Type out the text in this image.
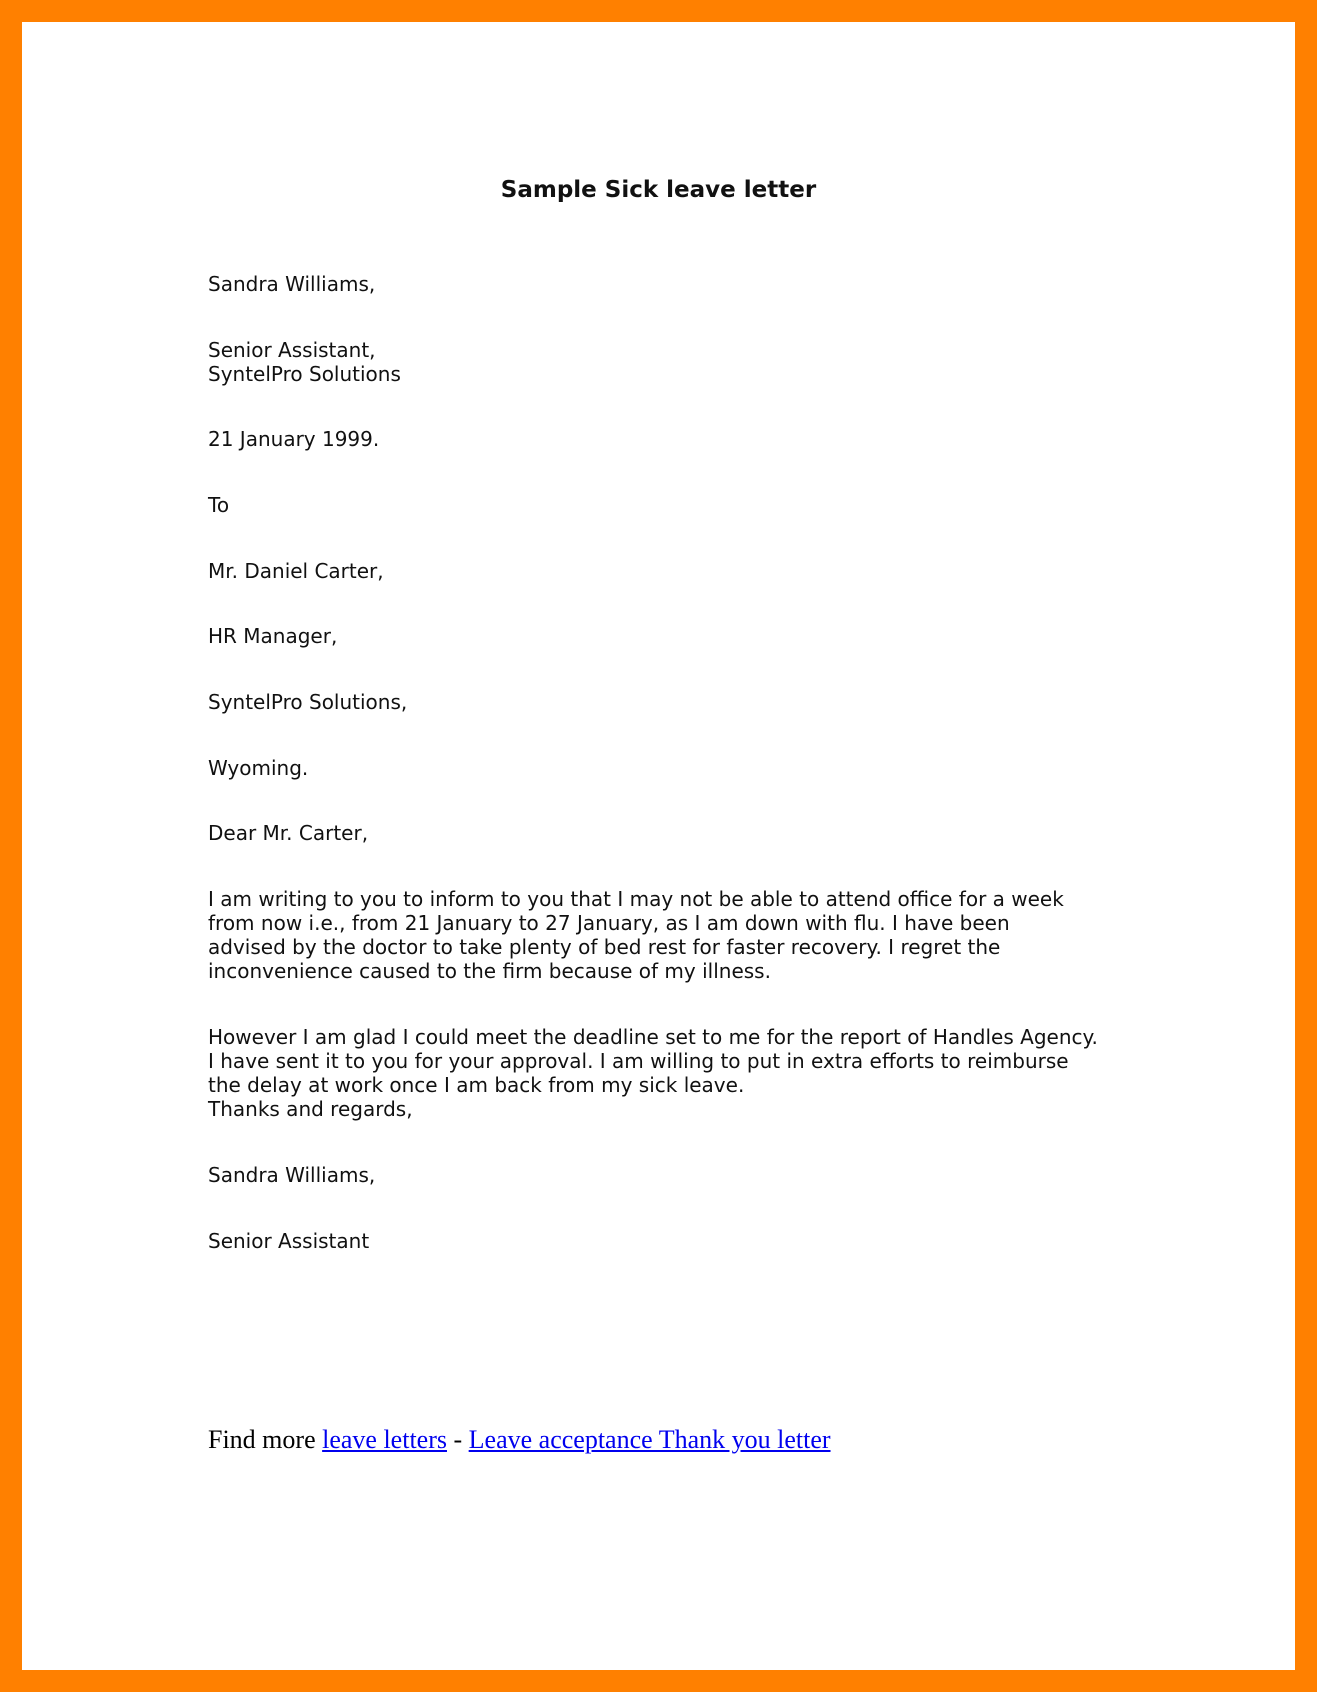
Sample Sick leave letter

Sandra Williams,

Senior Assistant,

SyntelPro Solutions

21 January 1999.

To

Mr. Daniel Carter,

HR Manager,

SyntelPro Solutions,

Wyoming.

Dear Mr. Carter,

I am writing to you to inform to you that I may not be able to attend office for a week

from now i.e., from 21 January to 27 January, as I am down with flu. I have been

advised by the doctor to take plenty of bed rest for faster recovery. I regret the

inconvenience caused to the firm because of my illness.

However I am glad I could meet the deadline set to me for the report of Handles Agency.

I have sent it to you for your approval. I am willing to put in extra efforts to reimburse

the delay at work once I am back from my sick leave.

Thanks and regards,

Sandra Williams,

Senior Assistant

Find more leave letters - Leave acceptance Thank you letter
